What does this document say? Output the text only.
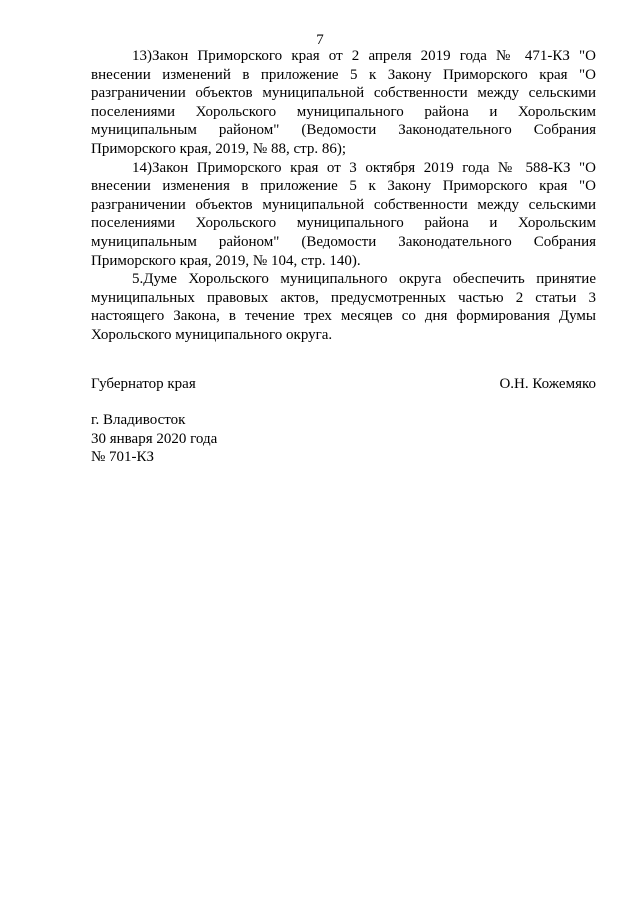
7

13)Закон Приморского края от 2 апреля 2019 года № 471-КЗ "О внесении изменений в приложение 5 к Закону Приморского края "О разграничении объектов муниципальной собственности между сельскими поселениями Хорольского муниципального района и Хорольским муниципальным районом" (Ведомости Законодательного Собрания Приморского края, 2019, № 88, стр. 86);

14)Закон Приморского края от 3 октября 2019 года № 588-КЗ "О внесении изменения в приложение 5 к Закону Приморского края "О разграничении объектов муниципальной собственности между сельскими поселениями Хорольского муниципального района и Хорольским муниципальным районом" (Ведомости Законодательного Собрания Приморского края, 2019, № 104, стр. 140).

5.Думе Хорольского муниципального округа обеспечить принятие муниципальных правовых актов, предусмотренных частью 2 статьи 3 настоящего Закона, в течение трех месяцев со дня формирования Думы Хорольского муниципального округа.

Губернатор края	О.Н. Кожемяко
г. Владивосток
30 января 2020 года
№ 701-КЗ
